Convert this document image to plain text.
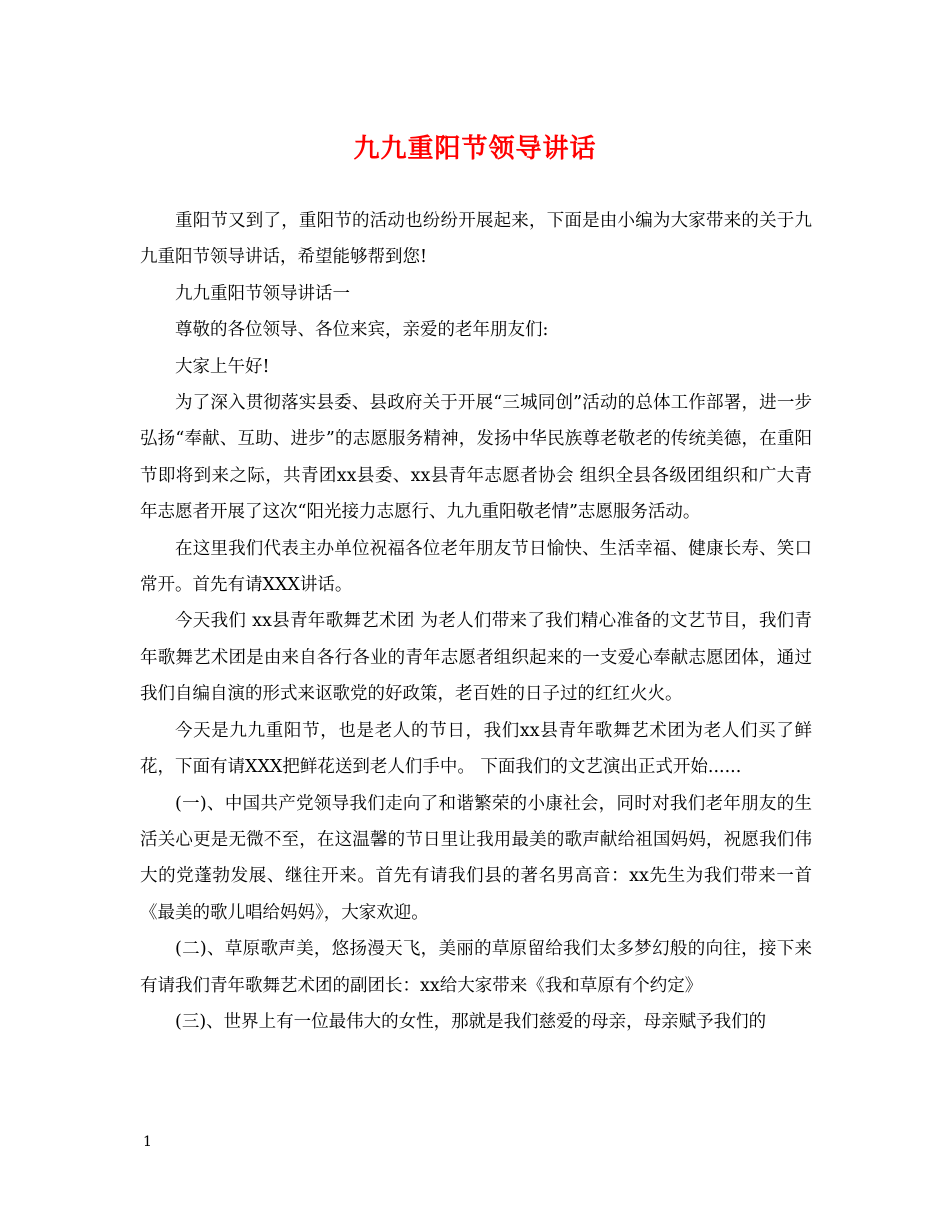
九九重阳节领导讲话

重阳节又到了，重阳节的活动也纷纷开展起来，下面是由小编为大家带来的关于九九重阳节领导讲话，希望能够帮到您!

九九重阳节领导讲话一

尊敬的各位领导、各位来宾，亲爱的老年朋友们:

大家上午好!

为了深入贯彻落实县委、县政府关于开展“三城同创”活动的总体工作部署，进一步弘扬“奉献、互助、进步”的志愿服务精神，发扬中华民族尊老敬老的传统美德，在重阳节即将到来之际，共青团xx县委、xx县青年志愿者协会 组织全县各级团组织和广大青年志愿者开展了这次“阳光接力志愿行、九九重阳敬老情”志愿服务活动。

在这里我们代表主办单位祝福各位老年朋友节日愉快、生活幸福、健康长寿、笑口常开。首先有请XXX讲话。

今天我们 xx县青年歌舞艺术团 为老人们带来了我们精心准备的文艺节目，我们青年歌舞艺术团是由来自各行各业的青年志愿者组织起来的一支爱心奉献志愿团体，通过我们自编自演的形式来讴歌党的好政策，老百姓的日子过的红红火火。

今天是九九重阳节，也是老人的节日，我们xx县青年歌舞艺术团为老人们买了鲜花，下面有请XXX把鲜花送到老人们手中。 下面我们的文艺演出正式开始......

(一)、中国共产党领导我们走向了和谐繁荣的小康社会，同时对我们老年朋友的生活关心更是无微不至，在这温馨的节日里让我用最美的歌声献给祖国妈妈，祝愿我们伟大的党蓬勃发展、继往开来。首先有请我们县的著名男高音：xx先生为我们带来一首《最美的歌儿唱给妈妈》，大家欢迎。

(二)、草原歌声美，悠扬漫天飞，美丽的草原留给我们太多梦幻般的向往，接下来有请我们青年歌舞艺术团的副团长：xx给大家带来《我和草原有个约定》

(三)、世界上有一位最伟大的女性，那就是我们慈爱的母亲，母亲赋予我们的

1
